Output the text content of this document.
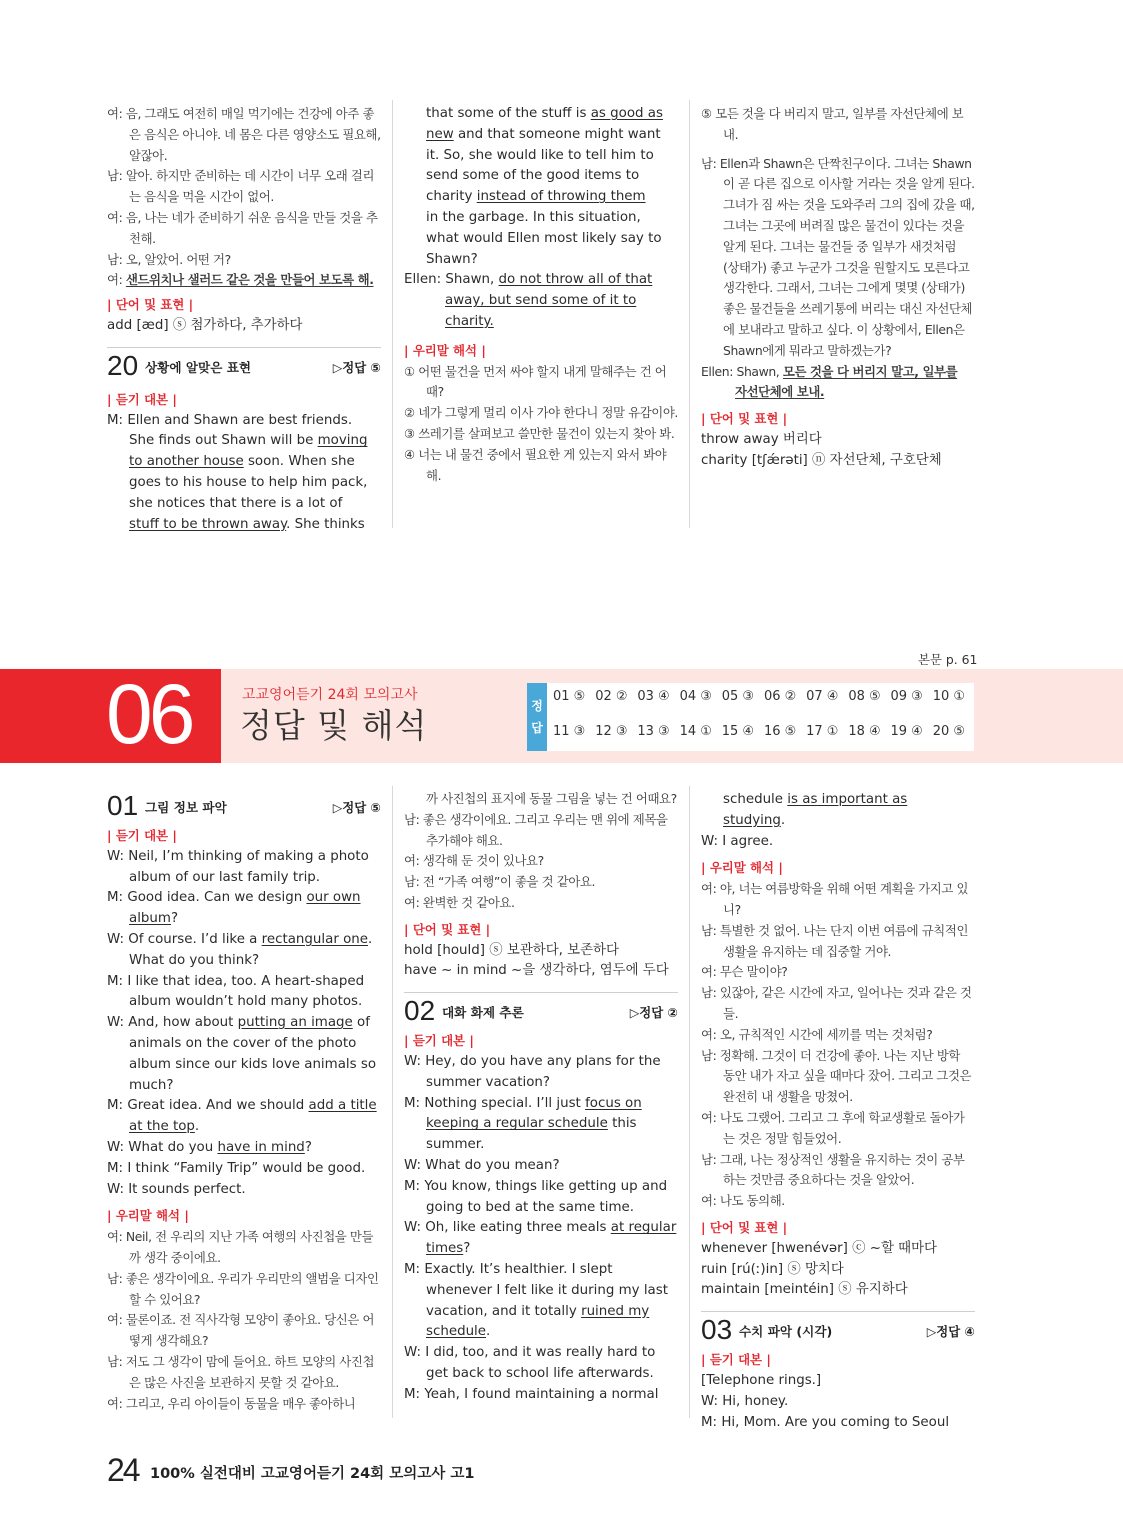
여: 음, 그래도 여전히 매일 먹기에는 건강에 아주 좋은 음식은 아니야. 네 몸은 다른 영양소도 필요해, 알잖아.
남: 알아. 하지만 준비하는 데 시간이 너무 오래 걸리는 음식을 먹을 시간이 없어.
여: 음, 나는 네가 준비하기 쉬운 음식을 만들 것을 추천해.
남: 오, 알았어. 어떤 거?
여: 샌드위치나 샐러드 같은 것을 만들어 보도록 해.
| 단어 및 표현 |
add [æd] ⓢ 첨가하다, 추가하다
20 상황에 알맞은 표현	▷정답 ⑤
| 듣기 대본 |
M: Ellen and Shawn are best friends.
She finds out Shawn will be moving
to another house soon. When she
goes to his house to help him pack,
she notices that there is a lot of
stuff to be thrown away. She thinks
that some of the stuff is as good as
new and that someone might want
it. So, she would like to tell him to
send some of the good items to
charity instead of throwing them
in the garbage. In this situation,
what would Ellen most likely say to
Shawn?
Ellen: Shawn, do not throw all of that
away, but send some of it to
charity.
| 우리말 해석 |
① 어떤 물건을 먼저 싸야 할지 내게 말해주는 건 어때?
② 네가 그렇게 멀리 이사 가야 한다니 정말 유감이야.
③ 쓰레기를 살펴보고 쓸만한 물건이 있는지 찾아 봐.
④ 너는 내 물건 중에서 필요한 게 있는지 와서 봐야 해.
⑤ 모든 것을 다 버리지 말고, 일부를 자선단체에 보내.
남: Ellen과 Shawn은 단짝친구이다. 그녀는 Shawn이 곧 다른 집으로 이사할 거라는 것을 알게 된다. 그녀가 짐 싸는 것을 도와주러 그의 집에 갔을 때, 그녀는 그곳에 버려질 많은 물건이 있다는 것을 알게 된다. 그녀는 물건들 중 일부가 새것처럼 (상태가) 좋고 누군가 그것을 원할지도 모른다고 생각한다. 그래서, 그녀는 그에게 몇몇 (상태가) 좋은 물건들을 쓰레기통에 버리는 대신 자선단체에 보내라고 말하고 싶다. 이 상황에서, Ellen은 Shawn에게 뭐라고 말하겠는가?
Ellen: Shawn, 모든 것을 다 버리지 말고, 일부를
자선단체에 보내.
| 단어 및 표현 |
throw away 버리다
charity [tʃǽrəti] ⓝ 자선단체, 구호단체
본문 p. 61
06	고교영어듣기 24회 모의고사
정답 및 해석	정
답
01 ⑤ 02 ② 03 ④ 04 ③ 05 ③ 06 ② 07 ④ 08 ⑤ 09 ③ 10 ①
11 ③ 12 ③ 13 ③ 14 ① 15 ④ 16 ⑤ 17 ① 18 ④ 19 ④ 20 ⑤
01 그림 정보 파악	▷정답 ⑤
| 듣기 대본 |
W: Neil, I’m thinking of making a photo
album of our last family trip.
M: Good idea. Can we design our own
album?
W: Of course. I’d like a rectangular one.
What do you think?
M: I like that idea, too. A heart-shaped
album wouldn’t hold many photos.
W: And, how about putting an image of
animals on the cover of the photo
album since our kids love animals so
much?
M: Great idea. And we should add a title
at the top.
W: What do you have in mind?
M: I think “Family Trip” would be good.
W: It sounds perfect.
| 우리말 해석 |
여: Neil, 전 우리의 지난 가족 여행의 사진첩을 만들까 생각 중이에요.
남: 좋은 생각이에요. 우리가 우리만의 앨범을 디자인할 수 있어요?
여: 물론이죠. 전 직사각형 모양이 좋아요. 당신은 어떻게 생각해요?
남: 저도 그 생각이 맘에 들어요. 하트 모양의 사진첩은 많은 사진을 보관하지 못할 것 같아요.
여: 그리고, 우리 아이들이 동물을 매우 좋아하니
까 사진첩의 표지에 동물 그림을 넣는 건 어때요?
남: 좋은 생각이에요. 그리고 우리는 맨 위에 제목을 추가해야 해요.
여: 생각해 둔 것이 있나요?
남: 전 “가족 여행”이 좋을 것 같아요.
여: 완벽한 것 같아요.
| 단어 및 표현 |
hold [hould] ⓢ 보관하다, 보존하다
have ~ in mind ~을 생각하다, 염두에 두다
02 대화 화제 추론	▷정답 ②
| 듣기 대본 |
W: Hey, do you have any plans for the
summer vacation?
M: Nothing special. I’ll just focus on
keeping a regular schedule this
summer.
W: What do you mean?
M: You know, things like getting up and
going to bed at the same time.
W: Oh, like eating three meals at regular
times?
M: Exactly. It’s healthier. I slept
whenever I felt like it during my last
vacation, and it totally ruined my
schedule.
W: I did, too, and it was really hard to
get back to school life afterwards.
M: Yeah, I found maintaining a normal
schedule is as important as
studying.
W: I agree.
| 우리말 해석 |
여: 야, 너는 여름방학을 위해 어떤 계획을 가지고 있니?
남: 특별한 것 없어. 나는 단지 이번 여름에 규칙적인 생활을 유지하는 데 집중할 거야.
여: 무슨 말이야?
남: 있잖아, 같은 시간에 자고, 일어나는 것과 같은 것들.
여: 오, 규칙적인 시간에 세끼를 먹는 것처럼?
남: 정확해. 그것이 더 건강에 좋아. 나는 지난 방학 동안 내가 자고 싶을 때마다 잤어. 그리고 그것은 완전히 내 생활을 망쳤어.
여: 나도 그랬어. 그리고 그 후에 학교생활로 돌아가는 것은 정말 힘들었어.
남: 그래, 나는 정상적인 생활을 유지하는 것이 공부하는 것만큼 중요하다는 것을 알았어.
여: 나도 동의해.
| 단어 및 표현 |
whenever [hwenévər] ⓒ ~할 때마다
ruin [rú(ː)in] ⓢ 망치다
maintain [meintéin] ⓢ 유지하다
03 수치 파악 (시각)	▷정답 ④
| 듣기 대본 |
[Telephone rings.]
W: Hi, honey.
M: Hi, Mom. Are you coming to Seoul
24 100% 실전대비 고교영어듣기 24회 모의고사 고1
